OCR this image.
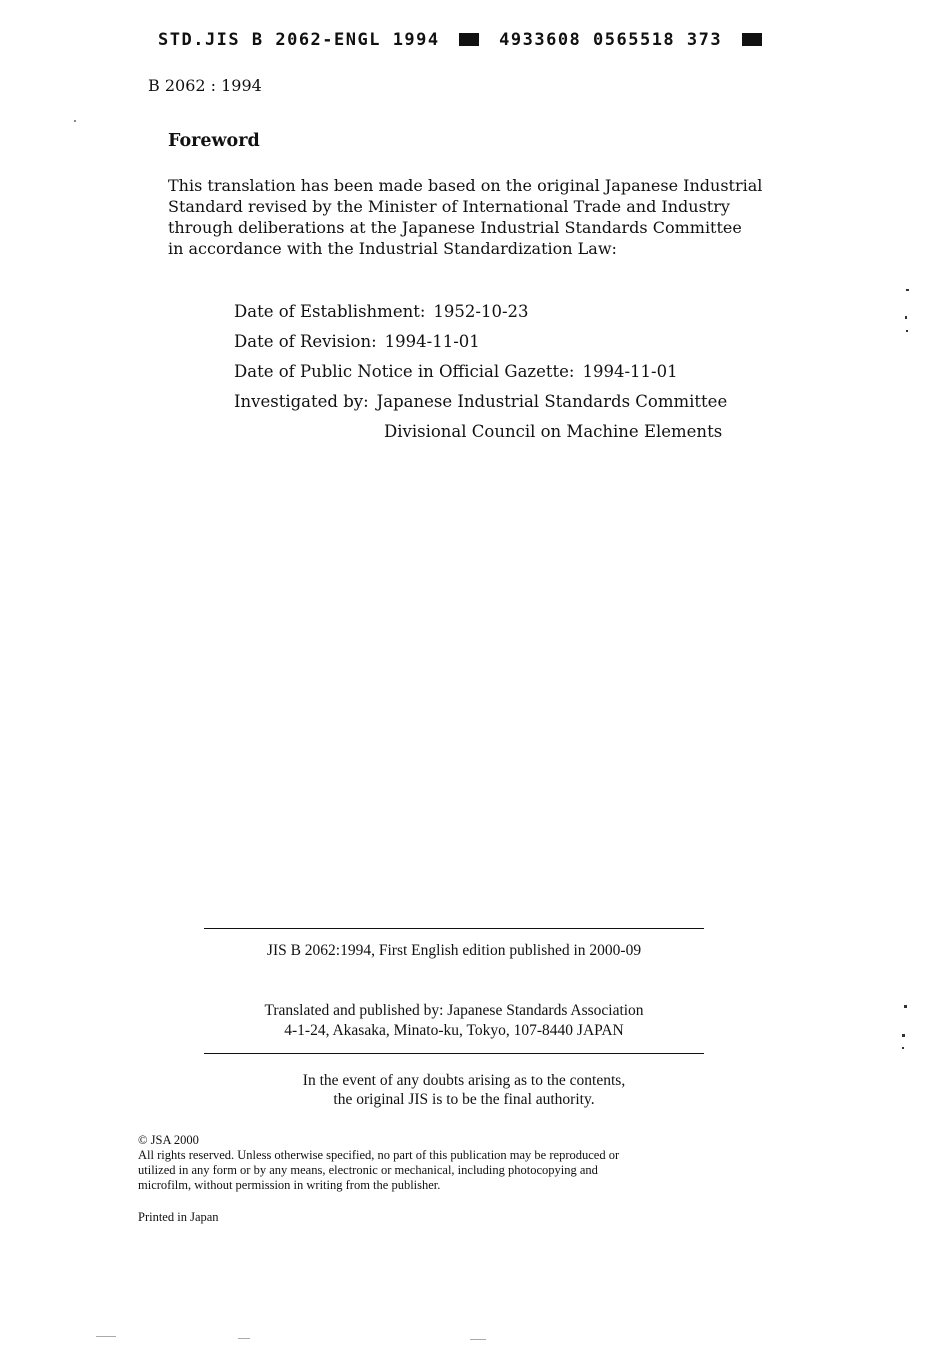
STD.JIS B 2062-ENGL 1994	4933608 0565518 373
B 2062 : 1994
Foreword
This translation has been made based on the original Japanese Industrial
Standard revised by the Minister of International Trade and Industry
through deliberations at the Japanese Industrial Standards Committee
in accordance with the Industrial Standardization Law:
Date of Establishment: 1952-10-23
Date of Revision: 1994-11-01
Date of Public Notice in Official Gazette: 1994-11-01
Investigated by: Japanese Industrial Standards Committee
Divisional Council on Machine Elements
JIS B 2062:1994, First English edition published in 2000-09
Translated and published by: Japanese Standards Association
4-1-24, Akasaka, Minato-ku, Tokyo, 107-8440 JAPAN
In the event of any doubts arising as to the contents,
the original JIS is to be the final authority.
© JSA 2000
All rights reserved. Unless otherwise specified, no part of this publication may be reproduced or
utilized in any form or by any means, electronic or mechanical, including photocopying and
microfilm, without permission in writing from the publisher.
Printed in Japan
